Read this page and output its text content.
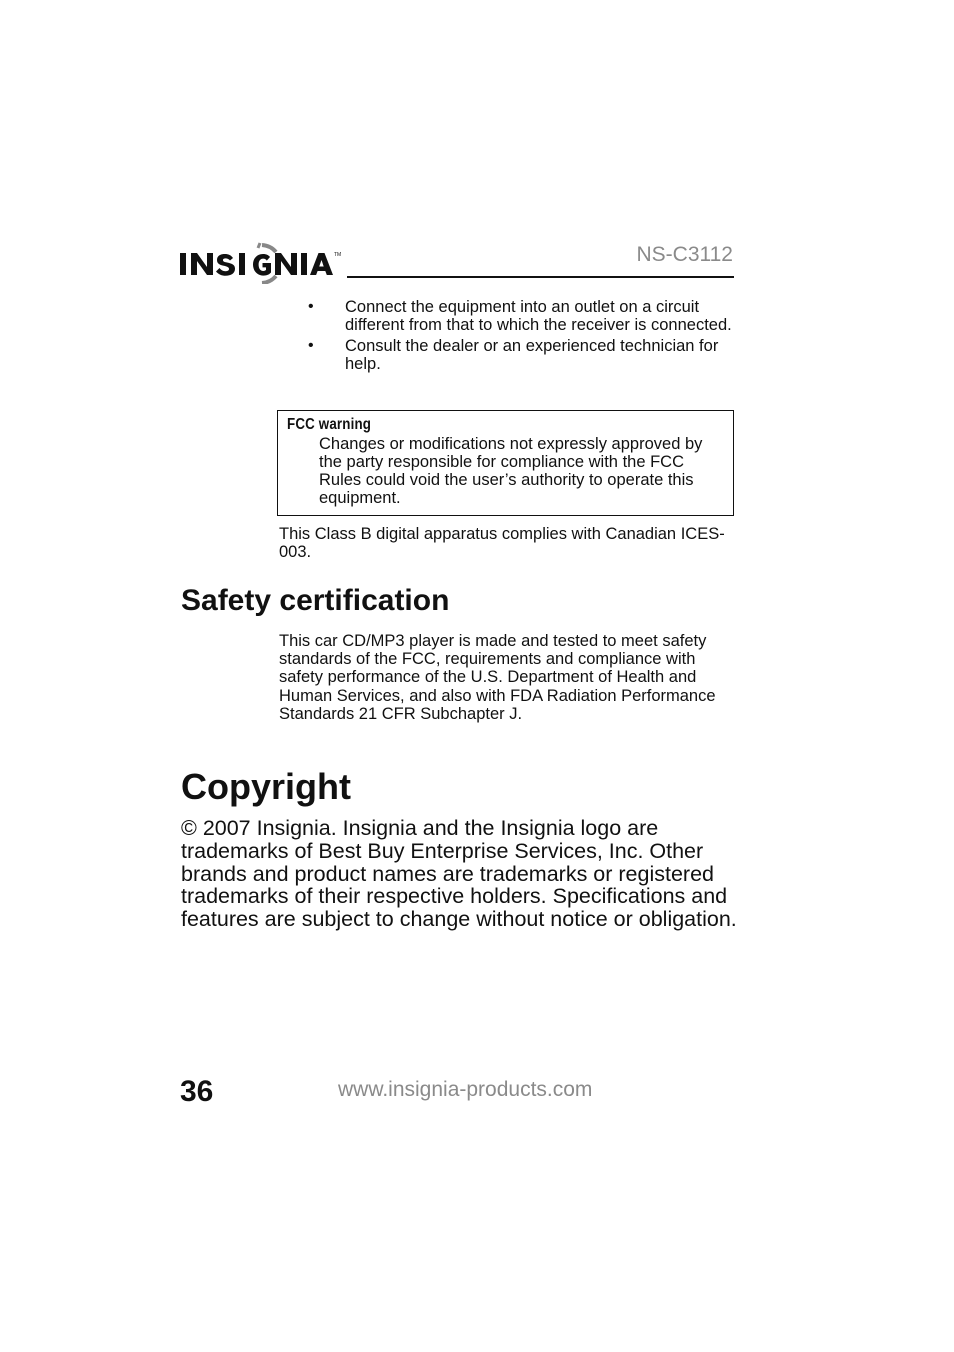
TM	NS-C3112
•	Connect the equipment into an outlet on a circuit different from that to which the receiver is connected.
•	Consult the dealer or an experienced technician for help.
FCC warning
Changes or modifications not expressly approved by the party responsible for compliance with the FCC Rules could void the user’s authority to operate this equipment.
This Class B digital apparatus complies with Canadian ICES-003.
Safety certification
This car CD/MP3 player is made and tested to meet safety standards of the FCC, requirements and compliance with safety performance of the U.S. Department of Health and Human Services, and also with FDA Radiation Performance Standards 21 CFR Subchapter J.
Copyright
© 2007 Insignia. Insignia and the Insignia logo are trademarks of Best Buy Enterprise Services, Inc. Other brands and product names are trademarks or registered trademarks of their respective holders. Specifications and features are subject to change without notice or obligation.
36	www.insignia-products.com
